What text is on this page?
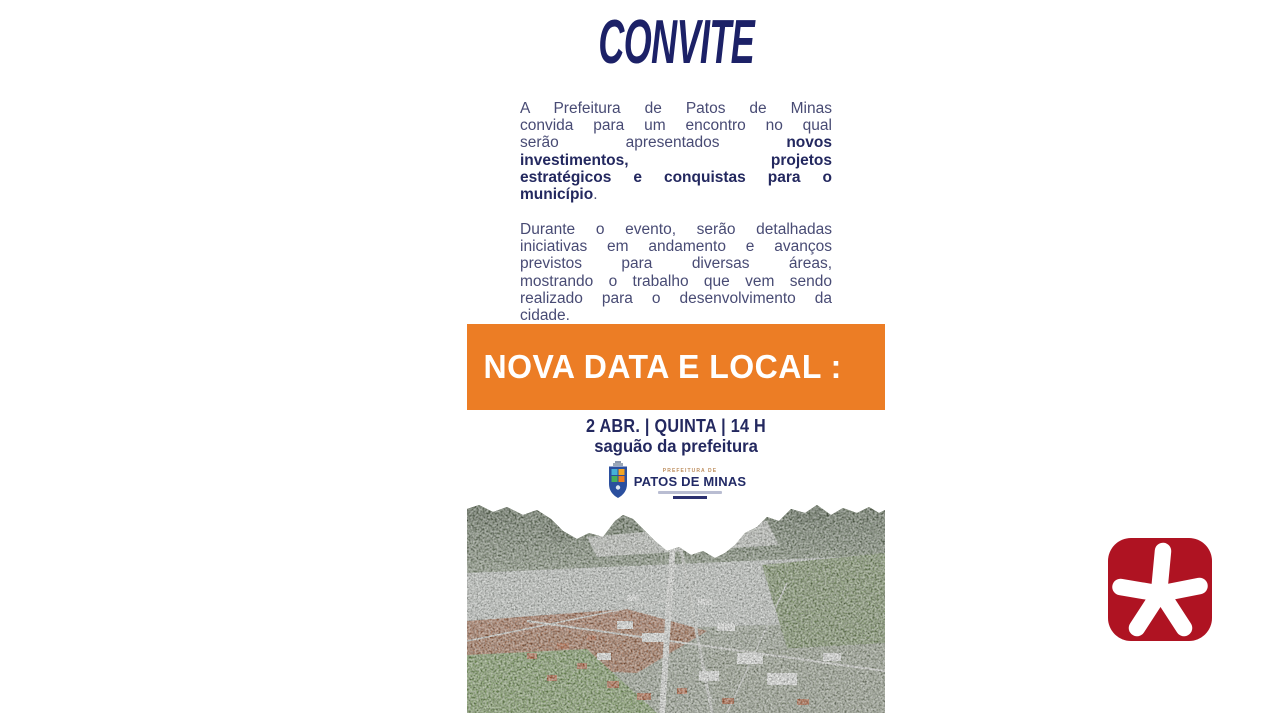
CONVITE
A Prefeitura de Patos de Minas
convida para um encontro no qual
serão apresentados novos
investimentos, projetos
estratégicos e conquistas para o
município.
Durante o evento, serão detalhadas
iniciativas em andamento e avanços
previstos para diversas áreas,
mostrando o trabalho que vem sendo
realizado para o desenvolvimento da
cidade.
NOVA DATA E LOCAL :
2 ABR. | QUINTA | 14 H
saguão da prefeitura
PREFEITURA DE
PATOS DE MINAS
